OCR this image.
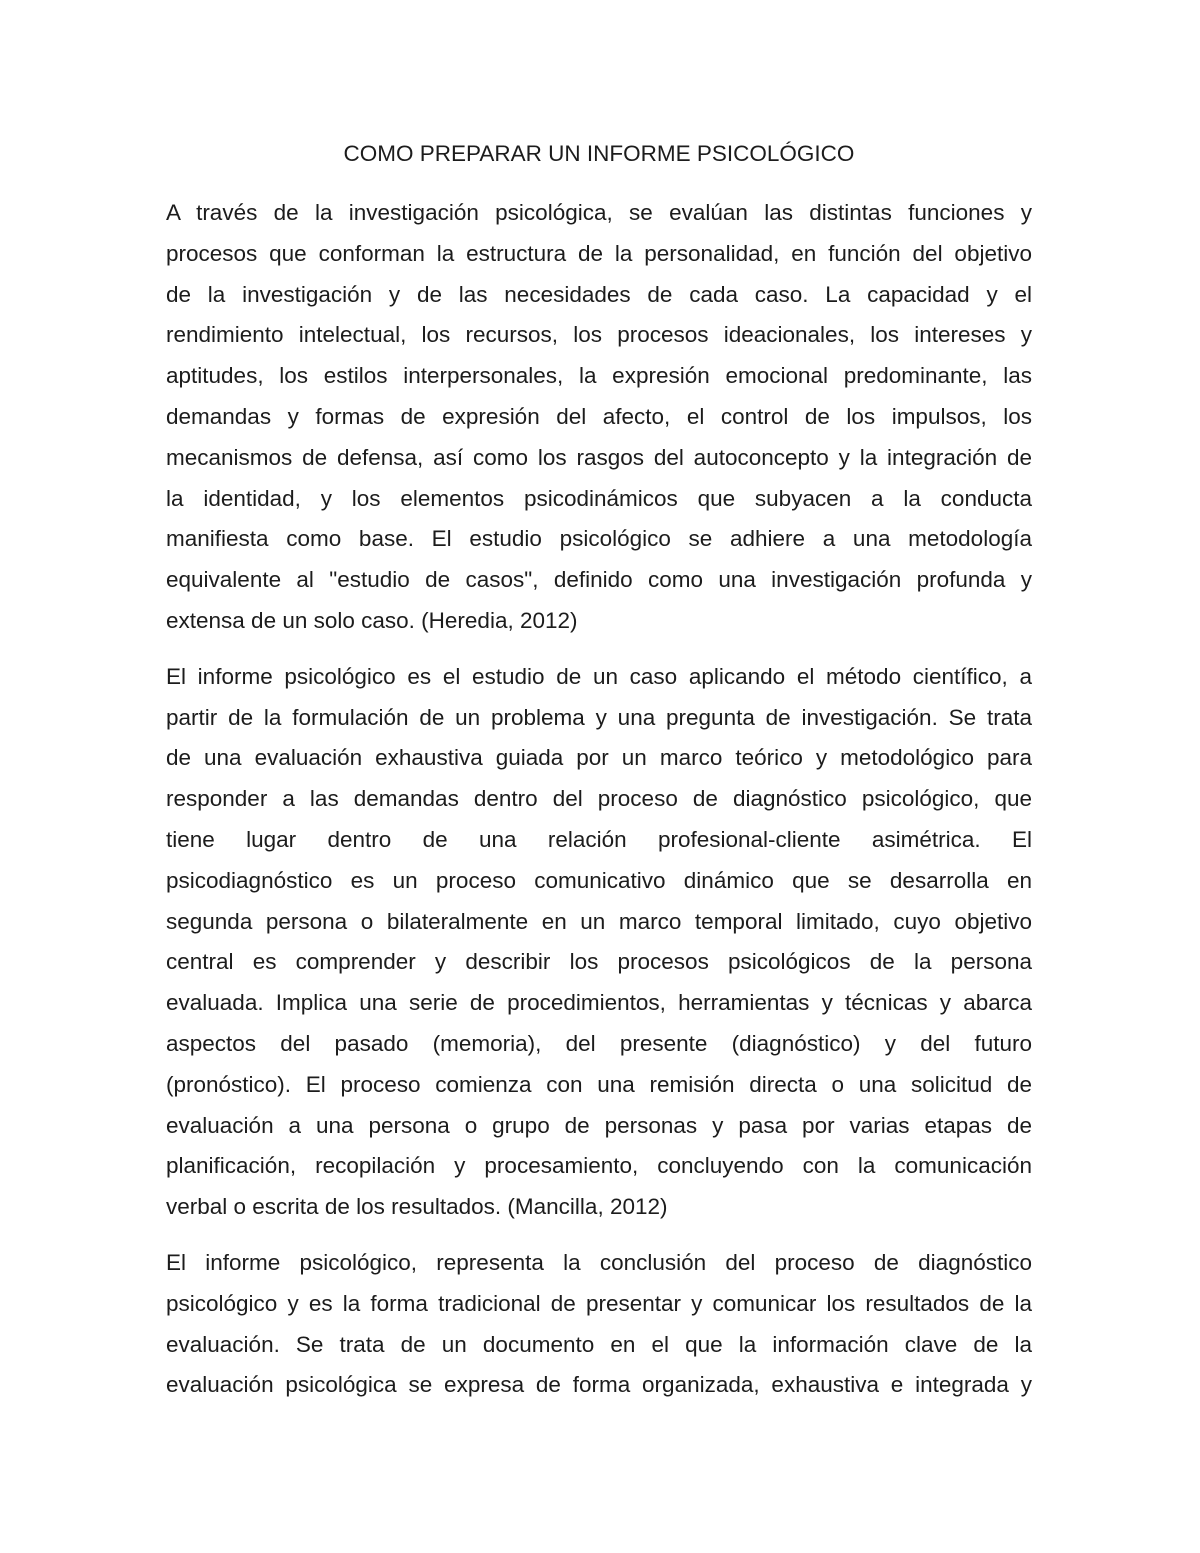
COMO PREPARAR UN INFORME PSICOLÓGICO

A través de la investigación psicológica, se evalúan las distintas funciones y
procesos que conforman la estructura de la personalidad, en función del objetivo
de la investigación y de las necesidades de cada caso. La capacidad y el
rendimiento intelectual, los recursos, los procesos ideacionales, los intereses y
aptitudes, los estilos interpersonales, la expresión emocional predominante, las
demandas y formas de expresión del afecto, el control de los impulsos, los
mecanismos de defensa, así como los rasgos del autoconcepto y la integración de
la identidad, y los elementos psicodinámicos que subyacen a la conducta
manifiesta como base. El estudio psicológico se adhiere a una metodología
equivalente al "estudio de casos", definido como una investigación profunda y
extensa de un solo caso. (Heredia, 2012)

El informe psicológico es el estudio de un caso aplicando el método científico, a
partir de la formulación de un problema y una pregunta de investigación. Se trata
de una evaluación exhaustiva guiada por un marco teórico y metodológico para
responder a las demandas dentro del proceso de diagnóstico psicológico, que
tiene lugar dentro de una relación profesional-cliente asimétrica. El
psicodiagnóstico es un proceso comunicativo dinámico que se desarrolla en
segunda persona o bilateralmente en un marco temporal limitado, cuyo objetivo
central es comprender y describir los procesos psicológicos de la persona
evaluada. Implica una serie de procedimientos, herramientas y técnicas y abarca
aspectos del pasado (memoria), del presente (diagnóstico) y del futuro
(pronóstico). El proceso comienza con una remisión directa o una solicitud de
evaluación a una persona o grupo de personas y pasa por varias etapas de
planificación, recopilación y procesamiento, concluyendo con la comunicación
verbal o escrita de los resultados. (Mancilla, 2012)

El informe psicológico, representa la conclusión del proceso de diagnóstico
psicológico y es la forma tradicional de presentar y comunicar los resultados de la
evaluación. Se trata de un documento en el que la información clave de la
evaluación psicológica se expresa de forma organizada, exhaustiva e integrada y
